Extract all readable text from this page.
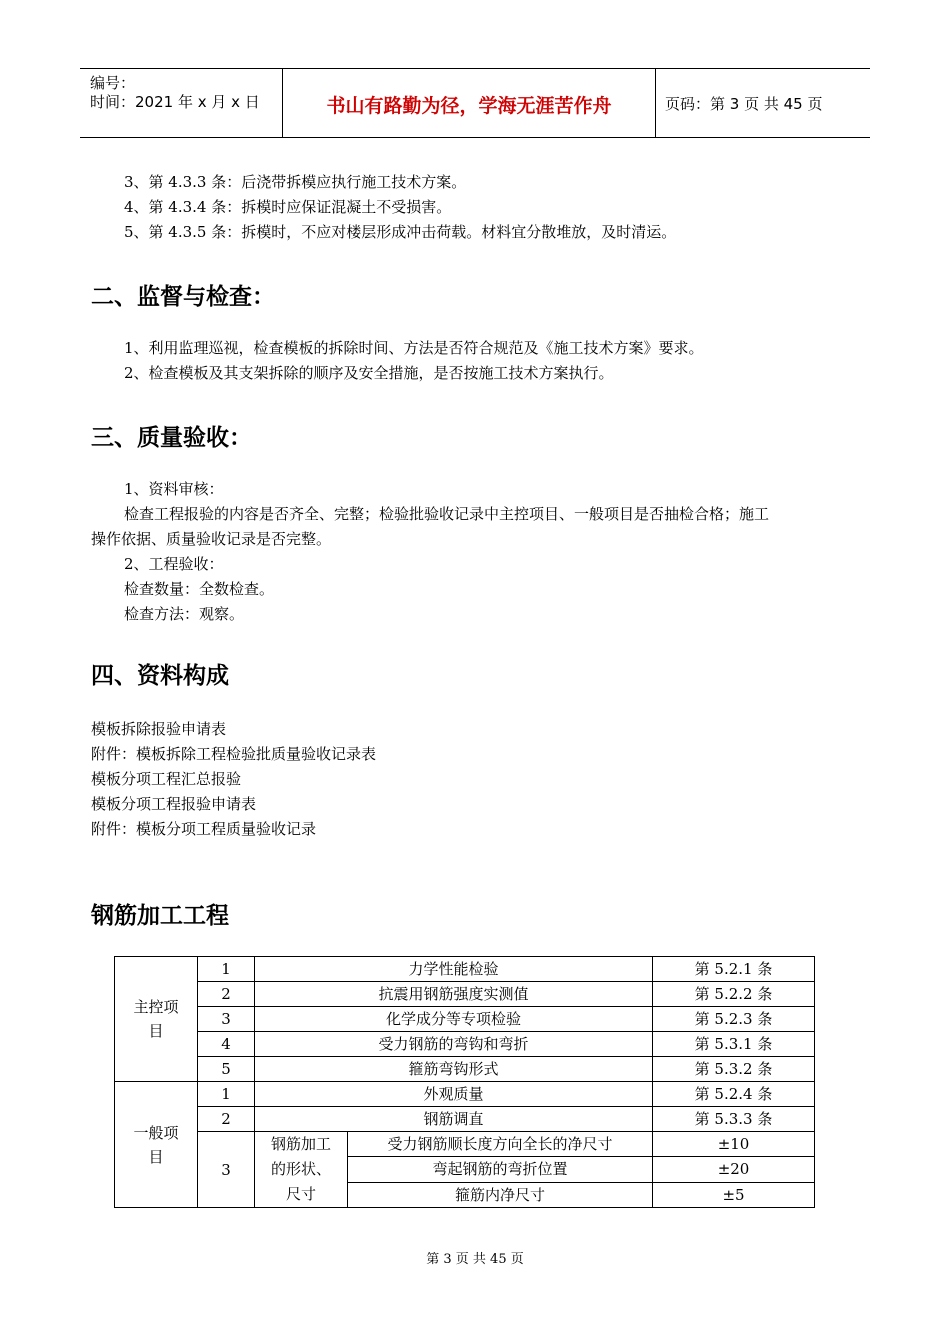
编号：
时间：2021 年 x 月 x 日	书山有路勤为径，学海无涯苦作舟	页码：第 3 页 共 45 页
3、第 4.3.3 条：后浇带拆模应执行施工技术方案。
4、第 4.3.4 条：拆模时应保证混凝土不受损害。
5、第 4.3.5 条：拆模时，不应对楼层形成冲击荷载。材料宜分散堆放，及时清运。
二、监督与检查：
1、利用监理巡视，检查模板的拆除时间、方法是否符合规范及《施工技术方案》要求。
2、检查模板及其支架拆除的顺序及安全措施，是否按施工技术方案执行。
三、质量验收：
1、资料审核：
检查工程报验的内容是否齐全、完整；检验批验收记录中主控项目、一般项目是否抽检合格；施工
操作依据、质量验收记录是否完整。
2、工程验收：
检查数量：全数检查。
检查方法：观察。
四、资料构成
模板拆除报验申请表
附件：模板拆除工程检验批质量验收记录表
模板分项工程汇总报验
模板分项工程报验申请表
附件：模板分项工程质量验收记录
钢筋加工工程
主控项
目	1	力学性能检验		第 5.2.1 条
	2	抗震用钢筋强度实测值		第 5.2.2 条
	3	化学成分等专项检验		第 5.2.3 条
	4	受力钢筋的弯钩和弯折		第 5.3.1 条
	5	箍筋弯钩形式		第 5.3.2 条

一般项
目	1	外观质量		第 5.2.4 条
	2	钢筋调直		第 5.3.3 条
	3	钢筋加工
的形状、
尺寸	受力钢筋顺长度方向全长的净尺寸	±10
			弯起钢筋的弯折位置	±20
			箍筋内净尺寸	±5
第 3 页 共 45 页
